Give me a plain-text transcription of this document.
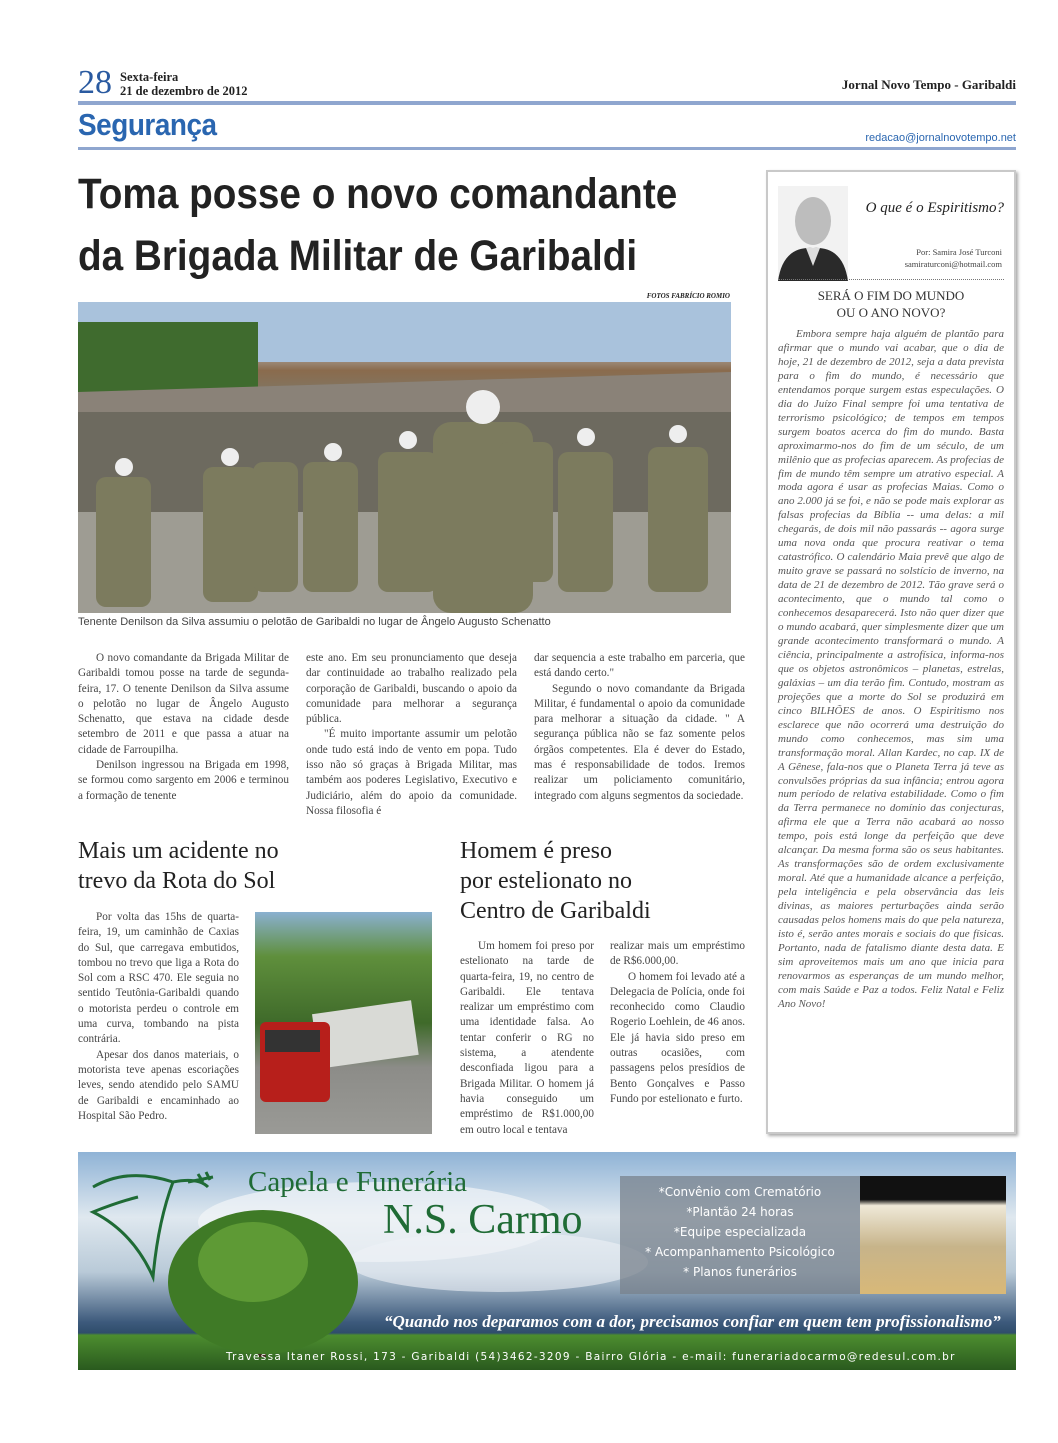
28 Sexta-feira
21 de dezembro de 2012	Jornal Novo Tempo - Garibaldi
Segurança	redacao@jornalnovotempo.net
Toma posse o novo comandante
da Brigada Militar de Garibaldi
FOTOS FABRÍCIO ROMIO
Tenente Denilson da Silva assumiu o pelotão de Garibaldi no lugar de Ângelo Augusto Schenatto

O novo comandante da Brigada Militar de Garibaldi tomou posse na tarde de segunda-feira, 17. O tenente Denilson da Silva assume o pelotão no lugar de Ângelo Augusto Schenatto, que estava na cidade desde setembro de 2011 e que passa a atuar na cidade de Farroupilha.

Denilson ingressou na Brigada em 1998, se formou como sargento em 2006 e terminou a formação de tenente

este ano. Em seu pronunciamento que deseja dar continuidade ao trabalho realizado pela corporação de Garibaldi, buscando o apoio da comunidade para melhorar a segurança pública.

"É muito importante assumir um pelotão onde tudo está indo de vento em popa. Tudo isso não só graças à Brigada Militar, mas também aos poderes Legislativo, Executivo e Judiciário, além do apoio da comunidade. Nossa filosofia é

dar sequencia a este trabalho em parceria, que está dando certo."

Segundo o novo comandante da Brigada Militar, é fundamental o apoio da comunidade para melhorar a situação da cidade. " A segurança pública não se faz somente pelos órgãos competentes. Ela é dever do Estado, mas é responsabilidade de todos. Iremos realizar um policiamento comunitário, integrado com alguns segmentos da sociedade.

Mais um acidente no
trevo da Rota do Sol

Por volta das 15hs de quarta-feira, 19, um caminhão de Caxias do Sul, que carregava embutidos, tombou no trevo que liga a Rota do Sol com a RSC 470. Ele seguia no sentido Teutônia-Garibaldi quando o motorista perdeu o controle em uma curva, tombando na pista contrária.

Apesar dos danos materiais, o motorista teve apenas escoriações leves, sendo atendido pelo SAMU de Garibaldi e encaminhado ao Hospital São Pedro.

Homem é preso
por estelionato no
Centro de Garibaldi

Um homem foi preso por estelionato na tarde de quarta-feira, 19, no centro de Garibaldi. Ele tentava realizar um empréstimo com uma identidade falsa. Ao tentar conferir o RG no sistema, a atendente desconfiada ligou para a Brigada Militar. O homem já havia conseguido um empréstimo de R$1.000,00 em outro local e tentava

realizar mais um empréstimo de R$6.000,00.

O homem foi levado até a Delegacia de Polícia, onde foi reconhecido como Claudio Rogerio Loehlein, de 46 anos. Ele já havia sido preso em outras ocasiões, com passagens pelos presídios de Bento Gonçalves e Passo Fundo por estelionato e furto.

O que é o Espiritismo?
Por: Samira José Turconi
samiraturconi@hotmail.com
SERÁ O FIM DO MUNDO
OU O ANO NOVO?

Embora sempre haja alguém de plantão para afirmar que o mundo vai acabar, que o dia de hoje, 21 de dezembro de 2012, seja a data prevista para o fim do mundo, é necessário que entendamos porque surgem estas especulações. O dia do Juízo Final sempre foi uma tentativa de terrorismo psicológico; de tempos em tempos surgem boatos acerca do fim do mundo. Basta aproximarmo-nos do fim de um século, de um milênio que as profecias aparecem. As profecias de fim de mundo têm sempre um atrativo especial. A moda agora é usar as profecias Maias. Como o ano 2.000 já se foi, e não se pode mais explorar as falsas profecias da Bíblia -- uma delas: a mil chegarás, de dois mil não passarás -- agora surge uma nova onda que procura reativar o tema catastrófico. O calendário Maia prevê que algo de muito grave se passará no solstício de inverno, na data de 21 de dezembro de 2012. Tão grave será o acontecimento, que o mundo tal como o conhecemos desaparecerá. Isto não quer dizer que o mundo acabará, quer simplesmente dizer que um grande acontecimento transformará o mundo. A ciência, principalmente a astrofísica, informa-nos que os objetos astronômicos – planetas, estrelas, galáxias – um dia terão fim. Contudo, mostram as projeções que a morte do Sol se produzirá em cinco BILHÕES de anos. O Espiritismo nos esclarece que não ocorrerá uma destruição do mundo como conhecemos, mas sim uma transformação moral. Allan Kardec, no cap. IX de A Gênese, fala-nos que o Planeta Terra já teve as convulsões próprias da sua infância; entrou agora num período de relativa estabilidade. Como o fim da Terra permanece no domínio das conjecturas, afirma ele que a Terra não acabará ao nosso tempo, pois está longe da perfeição que deve alcançar. Da mesma forma são os seus habitantes. As transformações são de ordem exclusivamente moral. Até que a humanidade alcance a perfeição, pela inteligência e pela observância das leis divinas, as maiores perturbações ainda serão causadas pelos homens mais do que pela natureza, isto é, serão antes morais e sociais do que físicas. Portanto, nada de fatalismo diante desta data. E sim aproveitemos mais um ano que inicia para renovarmos as esperanças de um mundo melhor, com mais Saúde e Paz a todos. Feliz Natal e Feliz Ano Novo!

Capela e Funerária
N.S. Carmo
*Convênio com Crematório
*Plantão 24 horas
*Equipe especializada
* Acompanhamento Psicológico
* Planos funerários
“Quando nos deparamos com a dor, precisamos confiar em quem tem profissionalismo”
Travessa Itaner Rossi, 173 - Garibaldi (54)3462-3209 - Bairro Glória - e-mail: funerariadocarmo@redesul.com.br
